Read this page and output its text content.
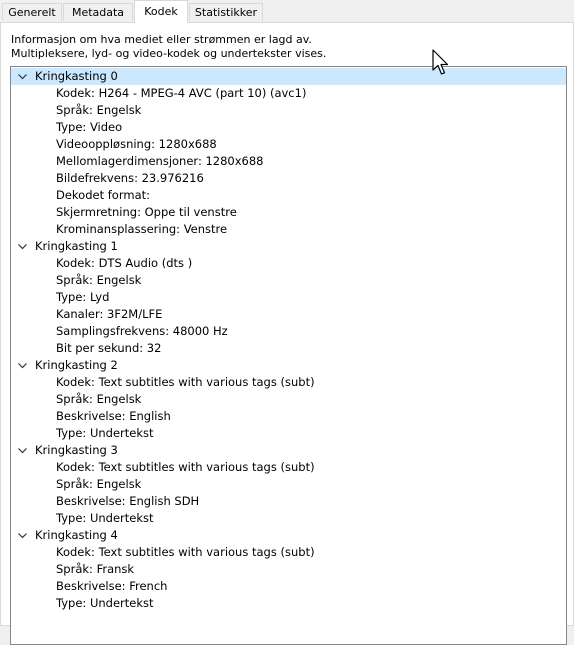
Generelt	Metadata	Kodek	Statistikker
Informasjon om hva mediet eller strømmen er lagd av.
Multipleksere, lyd- og video-kodek og undertekster vises.
Kringkasting 0
Kodek: H264 - MPEG-4 AVC (part 10) (avc1)
Språk: Engelsk
Type: Video
Videooppløsning: 1280x688
Mellomlagerdimensjoner: 1280x688
Bildefrekvens: 23.976216
Dekodet format:
Skjermretning: Oppe til venstre
Krominansplassering: Venstre
Kringkasting 1
Kodek: DTS Audio (dts )
Språk: Engelsk
Type: Lyd
Kanaler: 3F2M/LFE
Samplingsfrekvens: 48000 Hz
Bit per sekund: 32
Kringkasting 2
Kodek: Text subtitles with various tags (subt)
Språk: Engelsk
Beskrivelse: English
Type: Undertekst
Kringkasting 3
Kodek: Text subtitles with various tags (subt)
Språk: Engelsk
Beskrivelse: English SDH
Type: Undertekst
Kringkasting 4
Kodek: Text subtitles with various tags (subt)
Språk: Fransk
Beskrivelse: French
Type: Undertekst
